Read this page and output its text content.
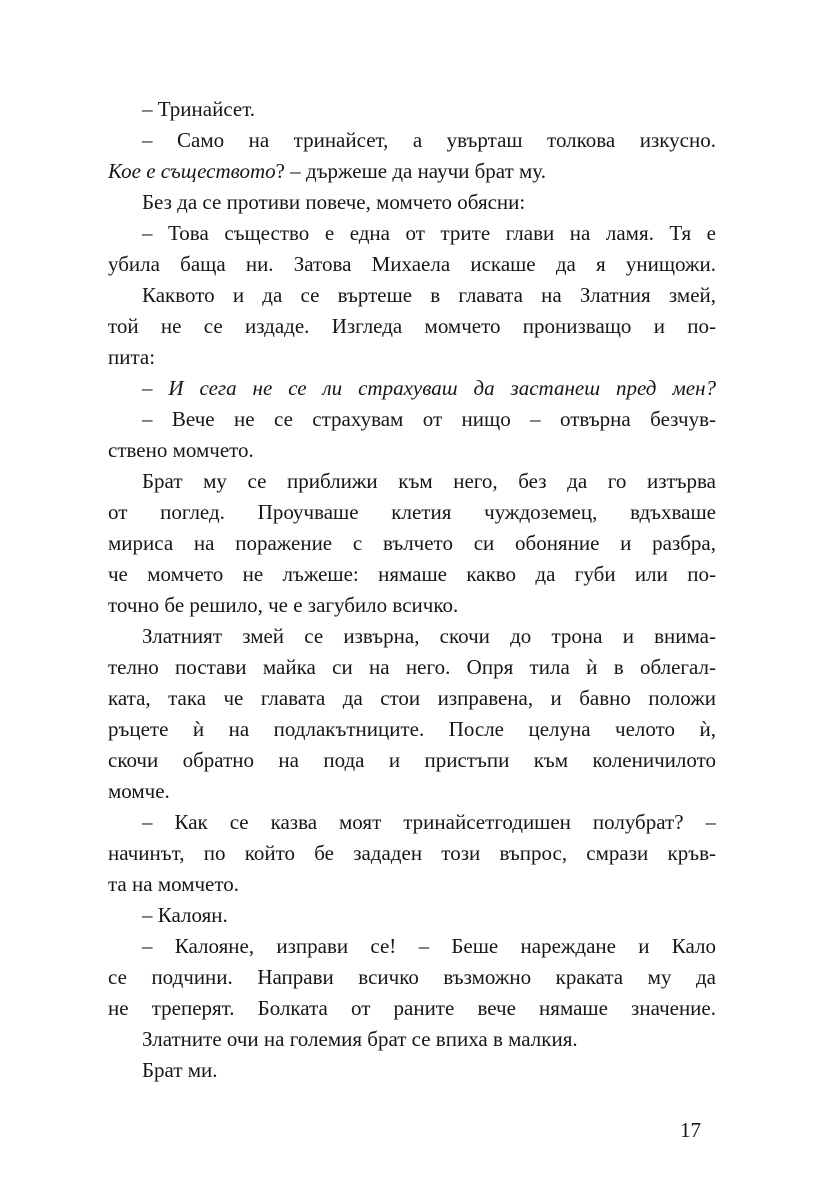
– Тринайсет.
– Само на тринайсет, а увърташ толкова изкусно.
Кое е съществото? – държеше да научи брат му.
Без да се противи повече, момчето обясни:
– Това същество е една от трите глави на ламя. Тя е
убила баща ни. Затова Михаела искаше да я унищожи.
Каквото и да се въртеше в главата на Златния змей,
той не се издаде. Изгледа момчето пронизващо и по-
пита:
– И сега не се ли страхуваш да застанеш пред мен?
– Вече не се страхувам от нищо – отвърна безчув-
ствено момчето.
Брат му се приближи към него, без да го изтърва
от поглед. Проучваше клетия чуждоземец, вдъхваше
мириса на поражение с вълчето си обоняние и разбра,
че момчето не лъжеше: нямаше какво да губи или по-
точно бе решило, че е загубило всичко.
Златният змей се извърна, скочи до трона и внима-
телно постави майка си на него. Опря тила ѝ в облегал-
ката, така че главата да стои изправена, и бавно положи
ръцете ѝ на подлакътниците. После целуна челото ѝ,
скочи обратно на пода и пристъпи към коленичилото
момче.
– Как се казва моят тринайсетгодишен полубрат? –
начинът, по който бе зададен този въпрос, смрази кръв-
та на момчето.
– Калоян.
– Калояне, изправи се! – Беше нареждане и Кало
се подчини. Направи всичко възможно краката му да
не треперят. Болката от раните вече нямаше значение.
Златните очи на големия брат се впиха в малкия.
Брат ми.
17
